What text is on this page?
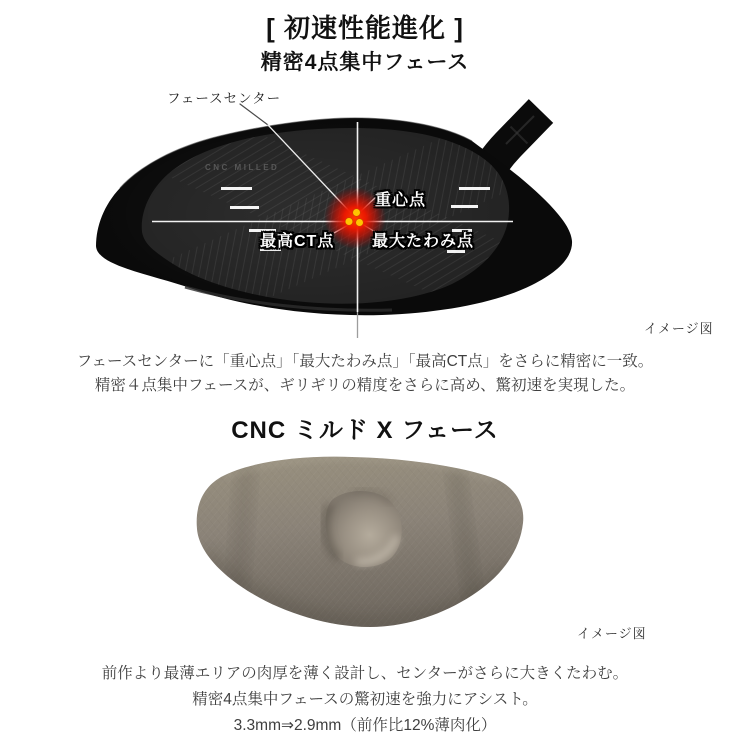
[ 初速性能進化 ]
精密4点集中フェース
フェースセンター
CNC MILLED
重心点
最高CT点 最大たわみ点
イメージ図
フェースセンターに「重心点」「最大たわみ点」「最高CT点」をさらに精密に一致。
精密４点集中フェースが、ギリギリの精度をさらに高め、驚初速を実現した。
CNC ミルド X フェース
イメージ図
前作より最薄エリアの肉厚を薄く設計し、センターがさらに大きくたわむ。
精密4点集中フェースの驚初速を強力にアシスト。
3.3mm⇒2.9mm（前作比12%薄肉化）
